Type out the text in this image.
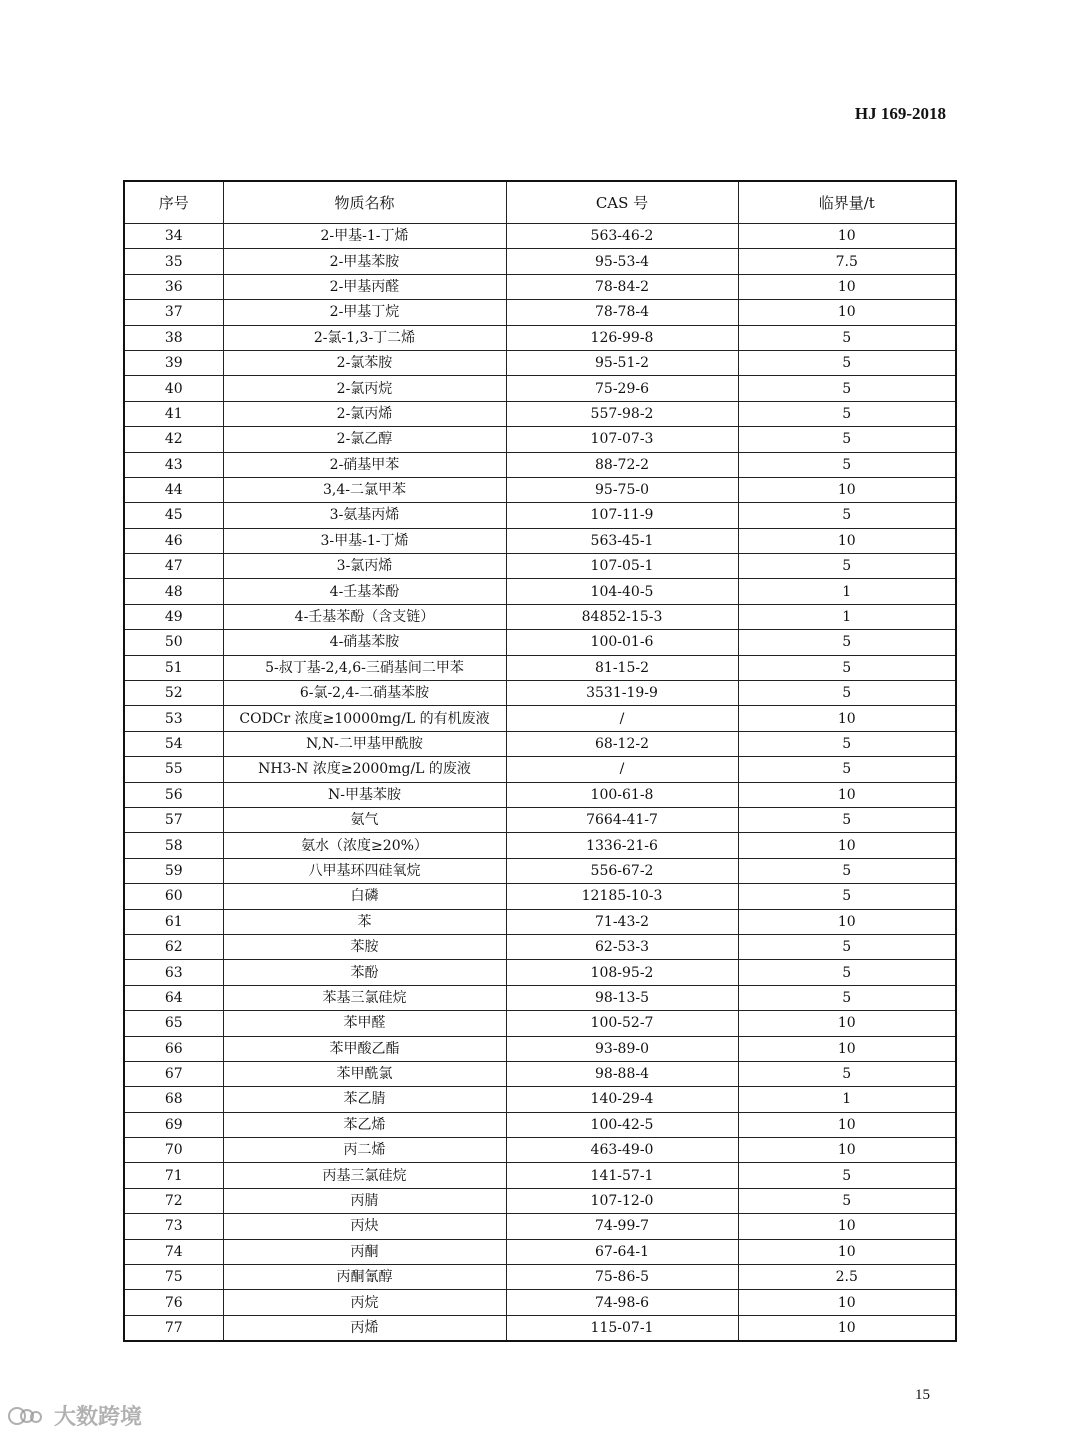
HJ 169-2018
序号	物质名称	CAS 号	临界量/t
34	2-甲基-1-丁烯	563-46-2	10
35	2-甲基苯胺	95-53-4	7.5
36	2-甲基丙醛	78-84-2	10
37	2-甲基丁烷	78-78-4	10
38	2-氯-1,3-丁二烯	126-99-8	5
39	2-氯苯胺	95-51-2	5
40	2-氯丙烷	75-29-6	5
41	2-氯丙烯	557-98-2	5
42	2-氯乙醇	107-07-3	5
43	2-硝基甲苯	88-72-2	5
44	3,4-二氯甲苯	95-75-0	10
45	3-氨基丙烯	107-11-9	5
46	3-甲基-1-丁烯	563-45-1	10
47	3-氯丙烯	107-05-1	5
48	4-壬基苯酚	104-40-5	1
49	4-壬基苯酚（含支链）	84852-15-3	1
50	4-硝基苯胺	100-01-6	5
51	5-叔丁基-2,4,6-三硝基间二甲苯	81-15-2	5
52	6-氯-2,4-二硝基苯胺	3531-19-9	5
53	CODCr 浓度≥10000mg/L 的有机废液	/	10
54	N,N-二甲基甲酰胺	68-12-2	5
55	NH3-N 浓度≥2000mg/L 的废液	/	5
56	N-甲基苯胺	100-61-8	10
57	氨气	7664-41-7	5
58	氨水（浓度≥20%）	1336-21-6	10
59	八甲基环四硅氧烷	556-67-2	5
60	白磷	12185-10-3	5
61	苯	71-43-2	10
62	苯胺	62-53-3	5
63	苯酚	108-95-2	5
64	苯基三氯硅烷	98-13-5	5
65	苯甲醛	100-52-7	10
66	苯甲酸乙酯	93-89-0	10
67	苯甲酰氯	98-88-4	5
68	苯乙腈	140-29-4	1
69	苯乙烯	100-42-5	10
70	丙二烯	463-49-0	10
71	丙基三氯硅烷	141-57-1	5
72	丙腈	107-12-0	5
73	丙炔	74-99-7	10
74	丙酮	67-64-1	10
75	丙酮氰醇	75-86-5	2.5
76	丙烷	74-98-6	10
77	丙烯	115-07-1	10
15
大数跨境
